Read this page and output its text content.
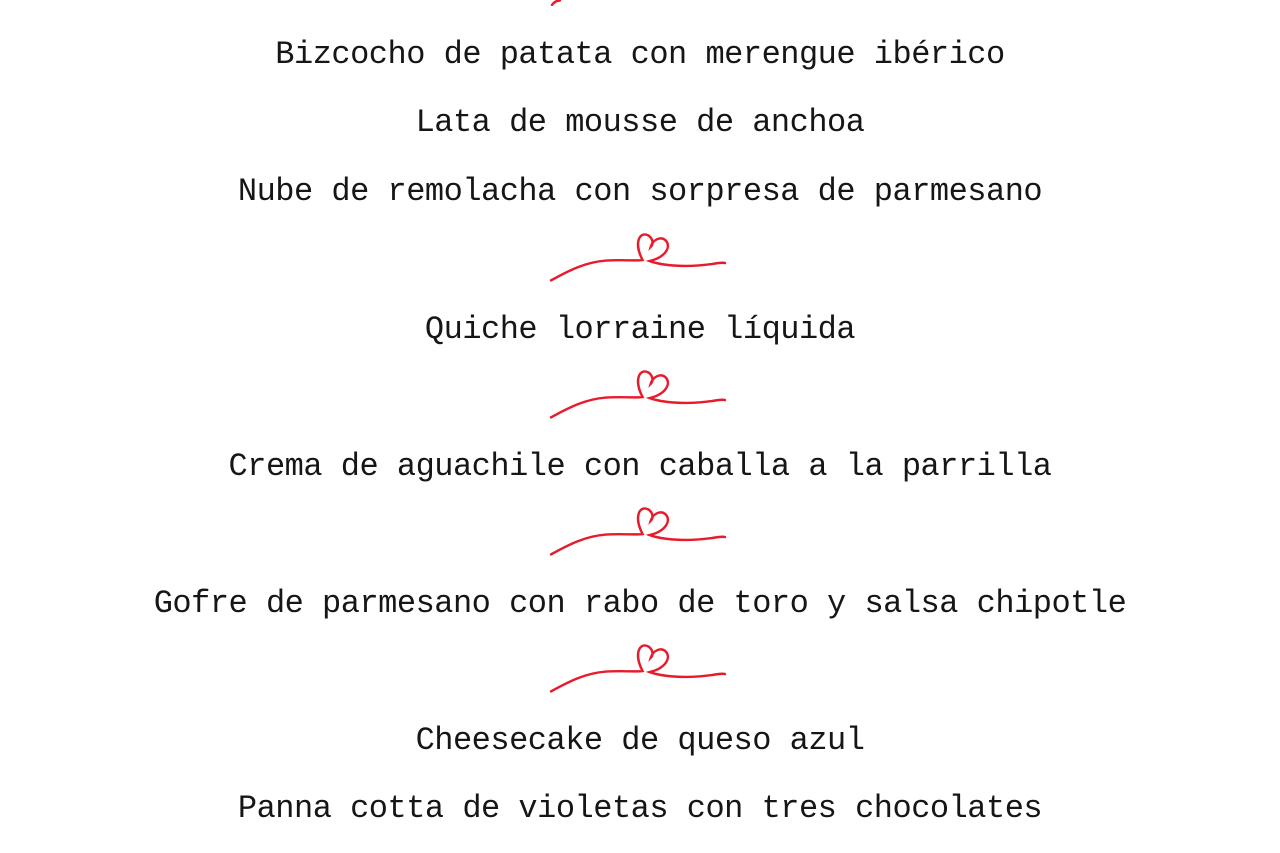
Bizcocho de patata con merengue ibérico
Lata de mousse de anchoa
Nube de remolacha con sorpresa de parmesano
Quiche lorraine líquida
Crema de aguachile con caballa a la parrilla
Gofre de parmesano con rabo de toro y salsa chipotle
Cheesecake de queso azul
Panna cotta de violetas con tres chocolates
